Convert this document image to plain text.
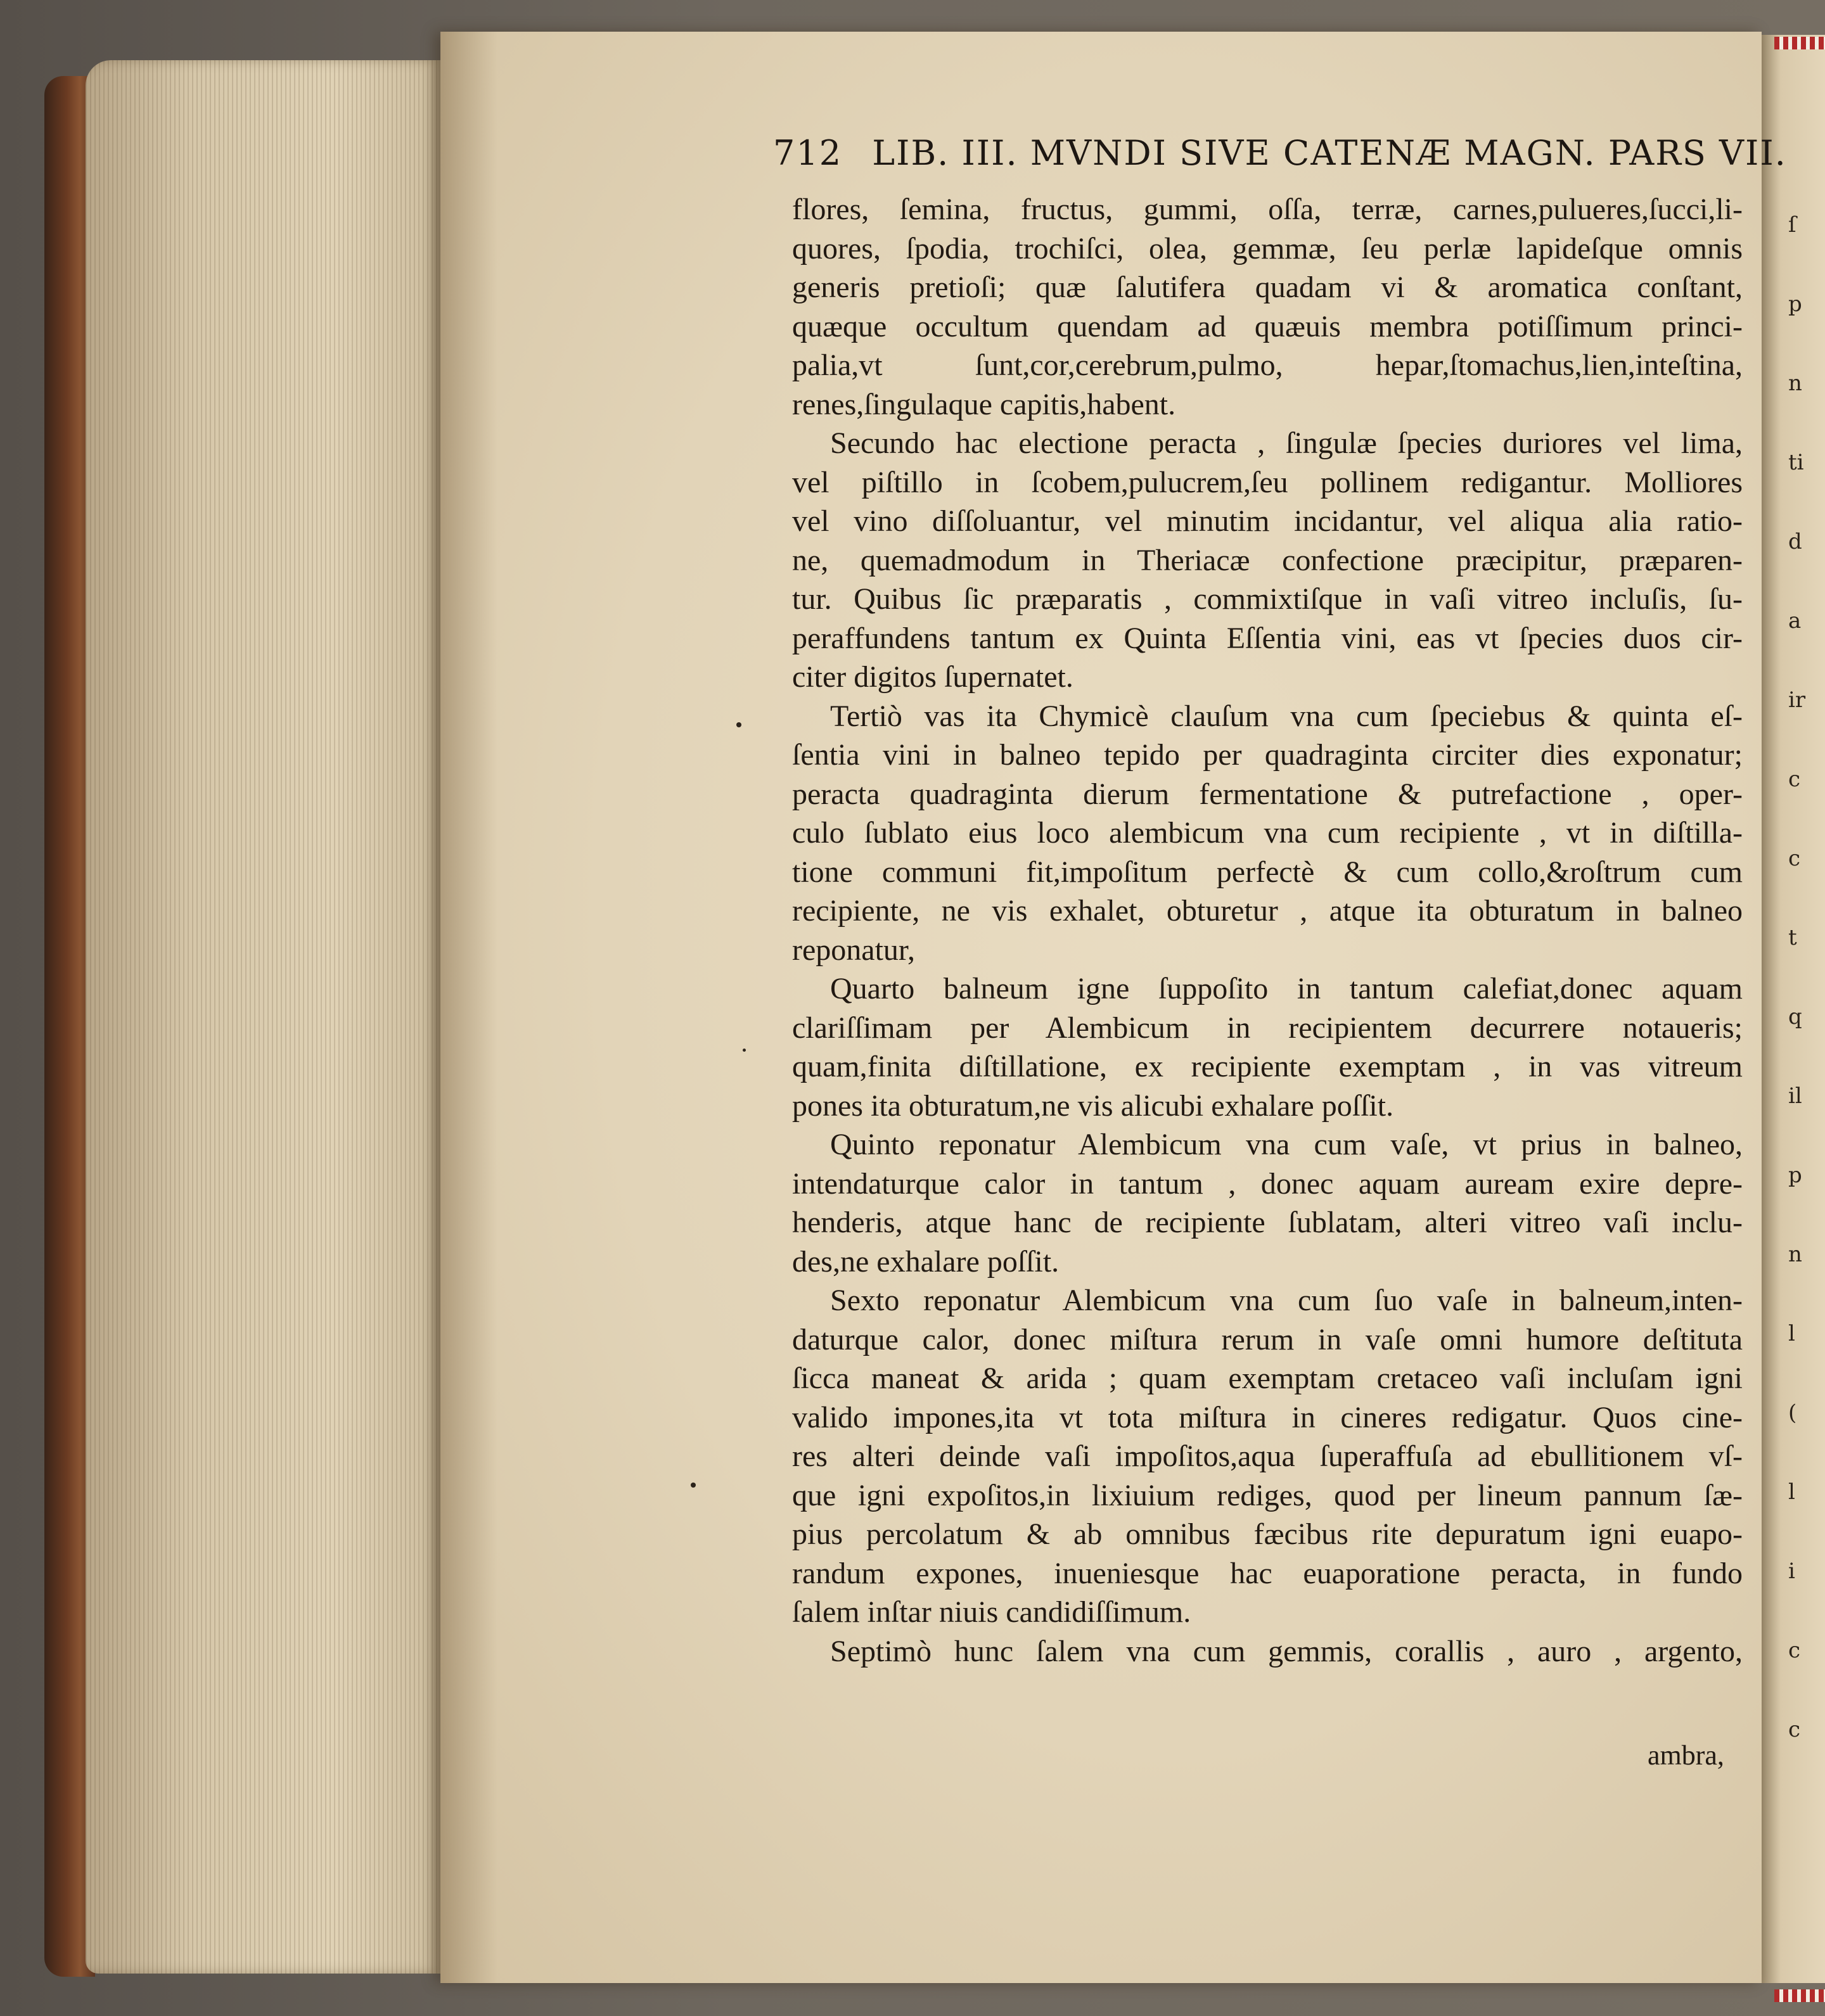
ſ
p
n
ti
d
a
ir
c
c
t
q
il
p
n
l
(
l
i
c
c
712 LIB. III. MVNDI SIVE CATENÆ MAGN. PARS VII.
flores, ſemina, fructus, gummi, oſſa, terræ, carnes,pulueres,ſucci,li-
quores, ſpodia, trochiſci, olea, gemmæ, ſeu perlæ lapideſque omnis
generis pretioſi; quæ ſalutifera quadam vi & aromatica conſtant,
quæque occultum quendam ad quæuis membra potiſſimum princi-
palia,vt ſunt,cor,cerebrum,pulmo, hepar,ſtomachus,lien,inteſtina,
renes,ſingulaque capitis,habent.
Secundo hac electione peracta , ſingulæ ſpecies duriores vel lima,
vel piſtillo in ſcobem,pulucrem,ſeu pollinem redigantur. Molliores
vel vino diſſoluantur, vel minutim incidantur, vel aliqua alia ratio-
ne, quemadmodum in Theriacæ confectione præcipitur, præparen-
tur. Quibus ſic præparatis , commixtiſque in vaſi vitreo incluſis, ſu-
peraffundens tantum ex Quinta Eſſentia vini, eas vt ſpecies duos cir-
citer digitos ſupernatet.
Tertiò vas ita Chymicè clauſum vna cum ſpeciebus & quinta eſ-
ſentia vini in balneo tepido per quadraginta circiter dies exponatur;
peracta quadraginta dierum fermentatione & putrefactione , oper-
culo ſublato eius loco alembicum vna cum recipiente , vt in diſtilla-
tione communi fit,impoſitum perfectè & cum collo,&roſtrum cum
recipiente, ne vis exhalet, obturetur , atque ita obturatum in balneo
reponatur,
Quarto balneum igne ſuppoſito in tantum calefiat,donec aquam
clariſſimam per Alembicum in recipientem decurrere notaueris;
quam,finita diſtillatione, ex recipiente exemptam , in vas vitreum
pones ita obturatum,ne vis alicubi exhalare poſſit.
Quinto reponatur Alembicum vna cum vaſe, vt prius in balneo,
intendaturque calor in tantum , donec aquam auream exire depre-
henderis, atque hanc de recipiente ſublatam, alteri vitreo vaſi inclu-
des,ne exhalare poſſit.
Sexto reponatur Alembicum vna cum ſuo vaſe in balneum,inten-
daturque calor, donec miſtura rerum in vaſe omni humore deſtituta
ſicca maneat & arida ; quam exemptam cretaceo vaſi incluſam igni
valido impones,ita vt tota miſtura in cineres redigatur. Quos cine-
res alteri deinde vaſi impoſitos,aqua ſuperaffuſa ad ebullitionem vſ-
que igni expoſitos,in lixiuium rediges, quod per lineum pannum ſæ-
pius percolatum & ab omnibus fæcibus rite depuratum igni euapo-
randum expones, inueniesque hac euaporatione peracta, in fundo
ſalem inſtar niuis candidiſſimum.
Septimò hunc ſalem vna cum gemmis, corallis , auro , argento,
ambra,
